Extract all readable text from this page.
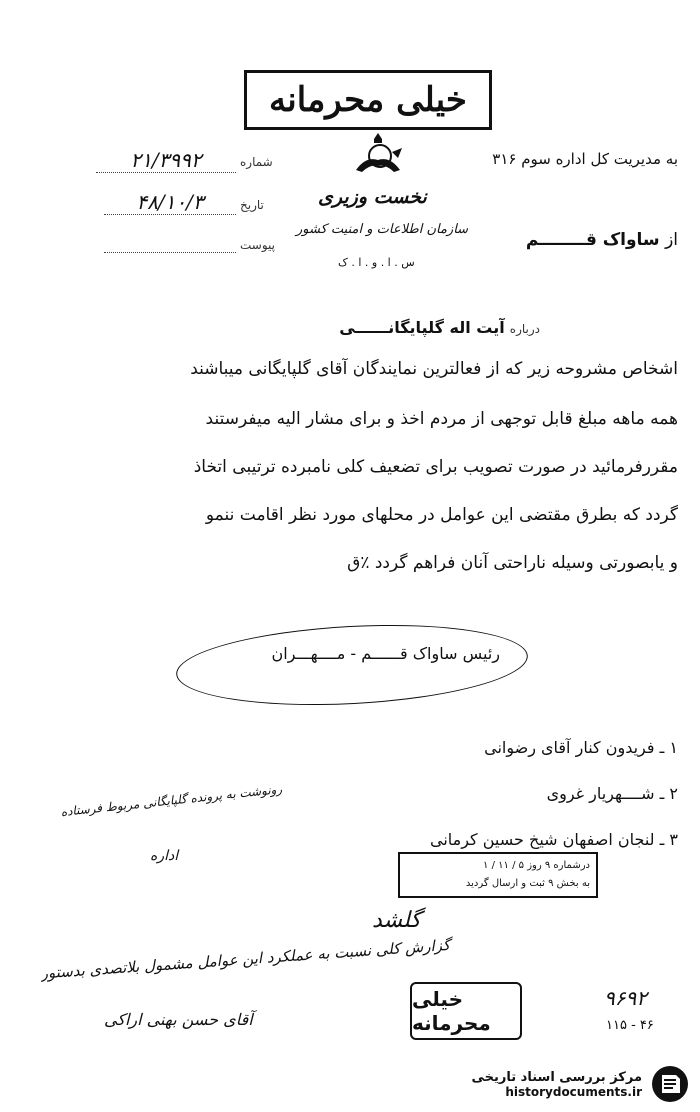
خیلی محرمانه
به مدیریت کل اداره سوم ۳۱۶
از ساواک قــــــــم
نخست وزیری
سازمان اطلاعات و امنیت کشور
س . ا . و . ا . ک
شماره
۲۱/۳۹۹۲
تاریخ
۴۸/۱۰/۳
پیوست
درباره آیت اله گلپایگانــــــی
اشخاص مشروحه زیر که از فعالترین نمایندگان آقای گلپایگانی میباشند
همه ماهه مبلغ قابل توجهی از مردم اخذ و برای مشار الیه میفرستند
مقررفرمائید در صورت تصویب برای تضعیف کلی نامبرده ترتیبی اتخاذ
گردد که بطرق مقتضی این عوامل در محلهای مورد نظر اقامت ننمو
و یابصورتی وسیله ناراحتی آنان فراهم گردد ٪ق
رئیس ساواک قــــــم - مــــهـــران
۱ ـ فریدون کنار آقای رضوانی
۲ ـ شــــهریار غروی
۳ ـ لنجان اصفهان شیخ حسین کرمانی
رونوشت به پرونده گلپایگانی مربوط فرستاده
اداره
درشماره ۹ روز ۵ / ۱۱ / ۱
به بخش ۹ ثبت و ارسال گردید
گلشد
گزارش کلی نسبت به عملکرد این عوامل مشمول بلاتصدی بدستور
آقای حسن بهنی اراکی
خیلی محرمانه
۹۶۹۲
۱۱۵ - ۴۶
مرکز بررسی اسناد تاریخی
historydocuments.ir
